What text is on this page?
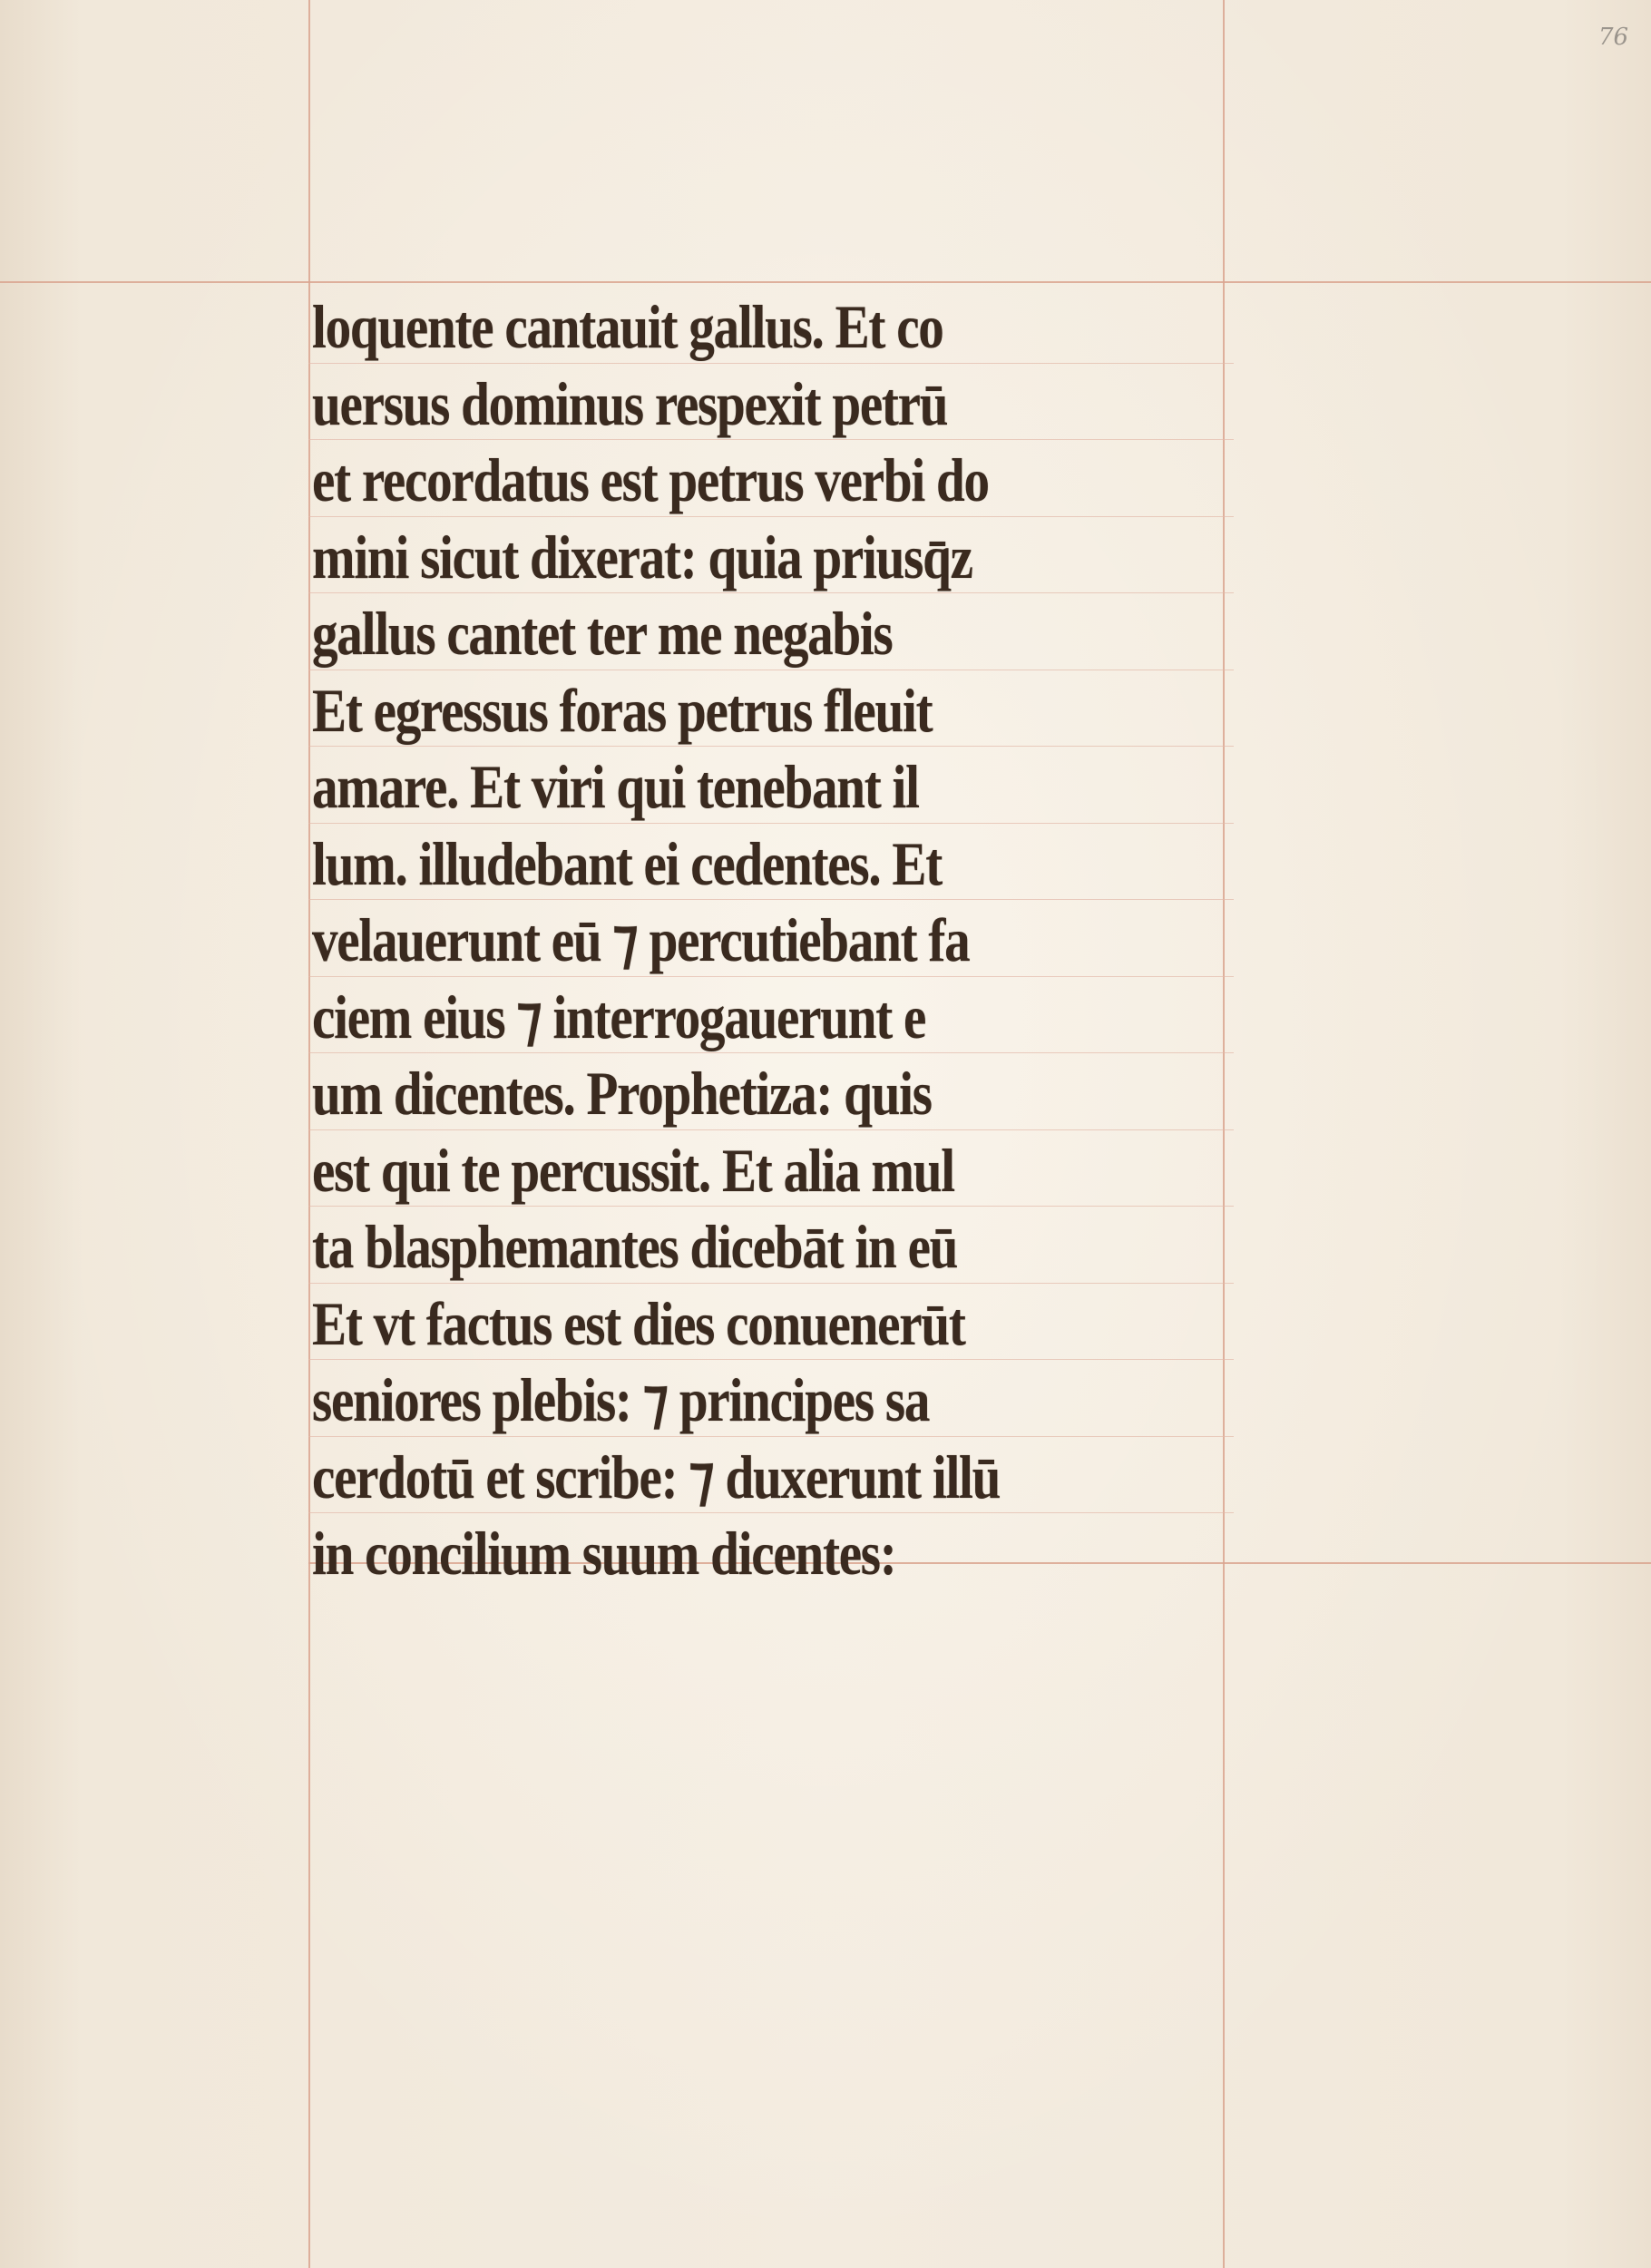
76
loquente cantauit gallus. Et co
uersus dominus respexit petrū
et recordatus est petrus verbi do
mini sicut dixerat: quia priusq̄z
gallus cantet ter me negabis
Et egressus foras petrus fleuit
amare. Et viri qui tenebant il
lum. illudebant ei cedentes. Et
velauerunt eū ⁊ percutiebant fa
ciem eius ⁊ interrogauerunt e
um dicentes. Prophetiza: quis
est qui te percussit. Et alia mul
ta blasphemantes dicebāt in eū
Et vt factus est dies conuenerūt
seniores plebis: ⁊ principes sa
cerdotū et scribe: ⁊ duxerunt illū
in concilium suum dicentes:
